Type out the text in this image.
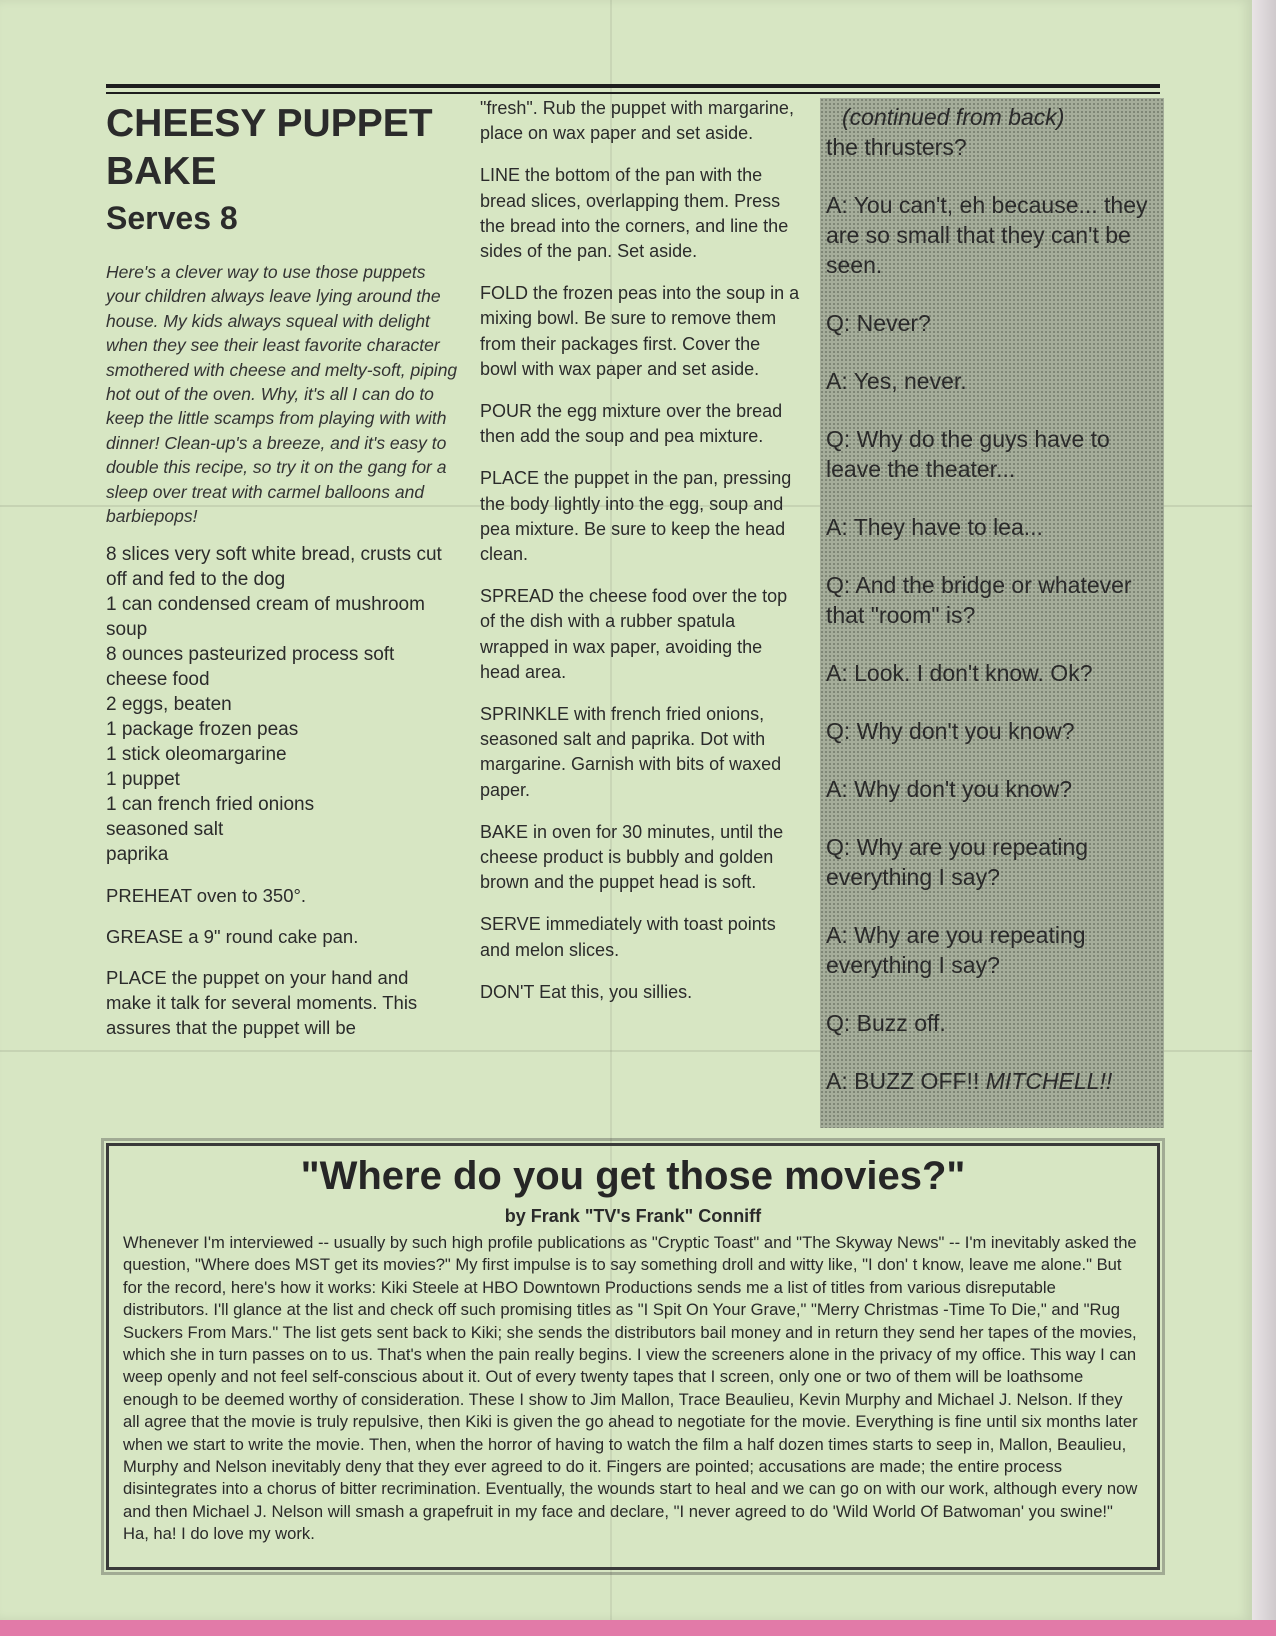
CHEESY PUPPET BAKE
Serves 8

Here's a clever way to use those puppets your children always leave lying around the house. My kids always squeal with delight when they see their least favorite character smothered with cheese and melty-soft, piping hot out of the oven. Why, it's all I can do to keep the little scamps from playing with with dinner! Clean-up's a breeze, and it's easy to double this recipe, so try it on the gang for a sleep over treat with carmel balloons and barbiepops!

8 slices very soft white bread, crusts cut off and fed to the dog
1 can condensed cream of mushroom soup
8 ounces pasteurized process soft cheese food
2 eggs, beaten
1 package frozen peas
1 stick oleomargarine
1 puppet
1 can french fried onions
seasoned salt
paprika

PREHEAT oven to 350°.

GREASE a 9" round cake pan.

PLACE the puppet on your hand and make it talk for several moments. This assures that the puppet will be

"fresh". Rub the puppet with margarine, place on wax paper and set aside.

LINE the bottom of the pan with the bread slices, overlapping them. Press the bread into the corners, and line the sides of the pan. Set aside.

FOLD the frozen peas into the soup in a mixing bowl. Be sure to remove them from their packages first. Cover the bowl with wax paper and set aside.

POUR the egg mixture over the bread then add the soup and pea mixture.

PLACE the puppet in the pan, pressing the body lightly into the egg, soup and pea mixture. Be sure to keep the head clean.

SPREAD the cheese food over the top of the dish with a rubber spatula wrapped in wax paper, avoiding the head area.

SPRINKLE with french fried onions, seasoned salt and paprika. Dot with margarine. Garnish with bits of waxed paper.

BAKE in oven for 30 minutes, until the cheese product is bubbly and golden brown and the puppet head is soft.

SERVE immediately with toast points and melon slices.

DON'T Eat this, you sillies.

(continued from back)

the thrusters?

A: You can't, eh because... they are so small that they can't be seen.

Q: Never?

A: Yes, never.

Q: Why do the guys have to leave the theater...

A: They have to lea...

Q: And the bridge or whatever that "room" is?

A: Look. I don't know. Ok?

Q: Why don't you know?

A: Why don't you know?

Q: Why are you repeating everything I say?

A: Why are you repeating everything I say?

Q: Buzz off.

A: BUZZ OFF!! MITCHELL!!

"Where do you get those movies?"
by Frank "TV's Frank" Conniff

Whenever I'm interviewed -- usually by such high profile publications as "Cryptic Toast" and "The Skyway News" -- I'm inevitably asked the question, "Where does MST get its movies?" My first impulse is to say something droll and witty like, "I don' t know, leave me alone." But for the record, here's how it works: Kiki Steele at HBO Downtown Productions sends me a list of titles from various disreputable distributors. I'll glance at the list and check off such promising titles as "I Spit On Your Grave," "Merry Christmas -Time To Die," and "Rug Suckers From Mars." The list gets sent back to Kiki; she sends the distributors bail money and in return they send her tapes of the movies, which she in turn passes on to us. That's when the pain really begins. I view the screeners alone in the privacy of my office. This way I can weep openly and not feel self-conscious about it. Out of every twenty tapes that I screen, only one or two of them will be loathsome enough to be deemed worthy of consideration. These I show to Jim Mallon, Trace Beaulieu, Kevin Murphy and Michael J. Nelson. If they all agree that the movie is truly repulsive, then Kiki is given the go ahead to negotiate for the movie. Everything is fine until six months later when we start to write the movie. Then, when the horror of having to watch the film a half dozen times starts to seep in, Mallon, Beaulieu, Murphy and Nelson inevitably deny that they ever agreed to do it. Fingers are pointed; accusations are made; the entire process disintegrates into a chorus of bitter recrimination. Eventually, the wounds start to heal and we can go on with our work, although every now and then Michael J. Nelson will smash a grapefruit in my face and declare, "I never agreed to do 'Wild World Of Batwoman' you swine!" Ha, ha! I do love my work.
